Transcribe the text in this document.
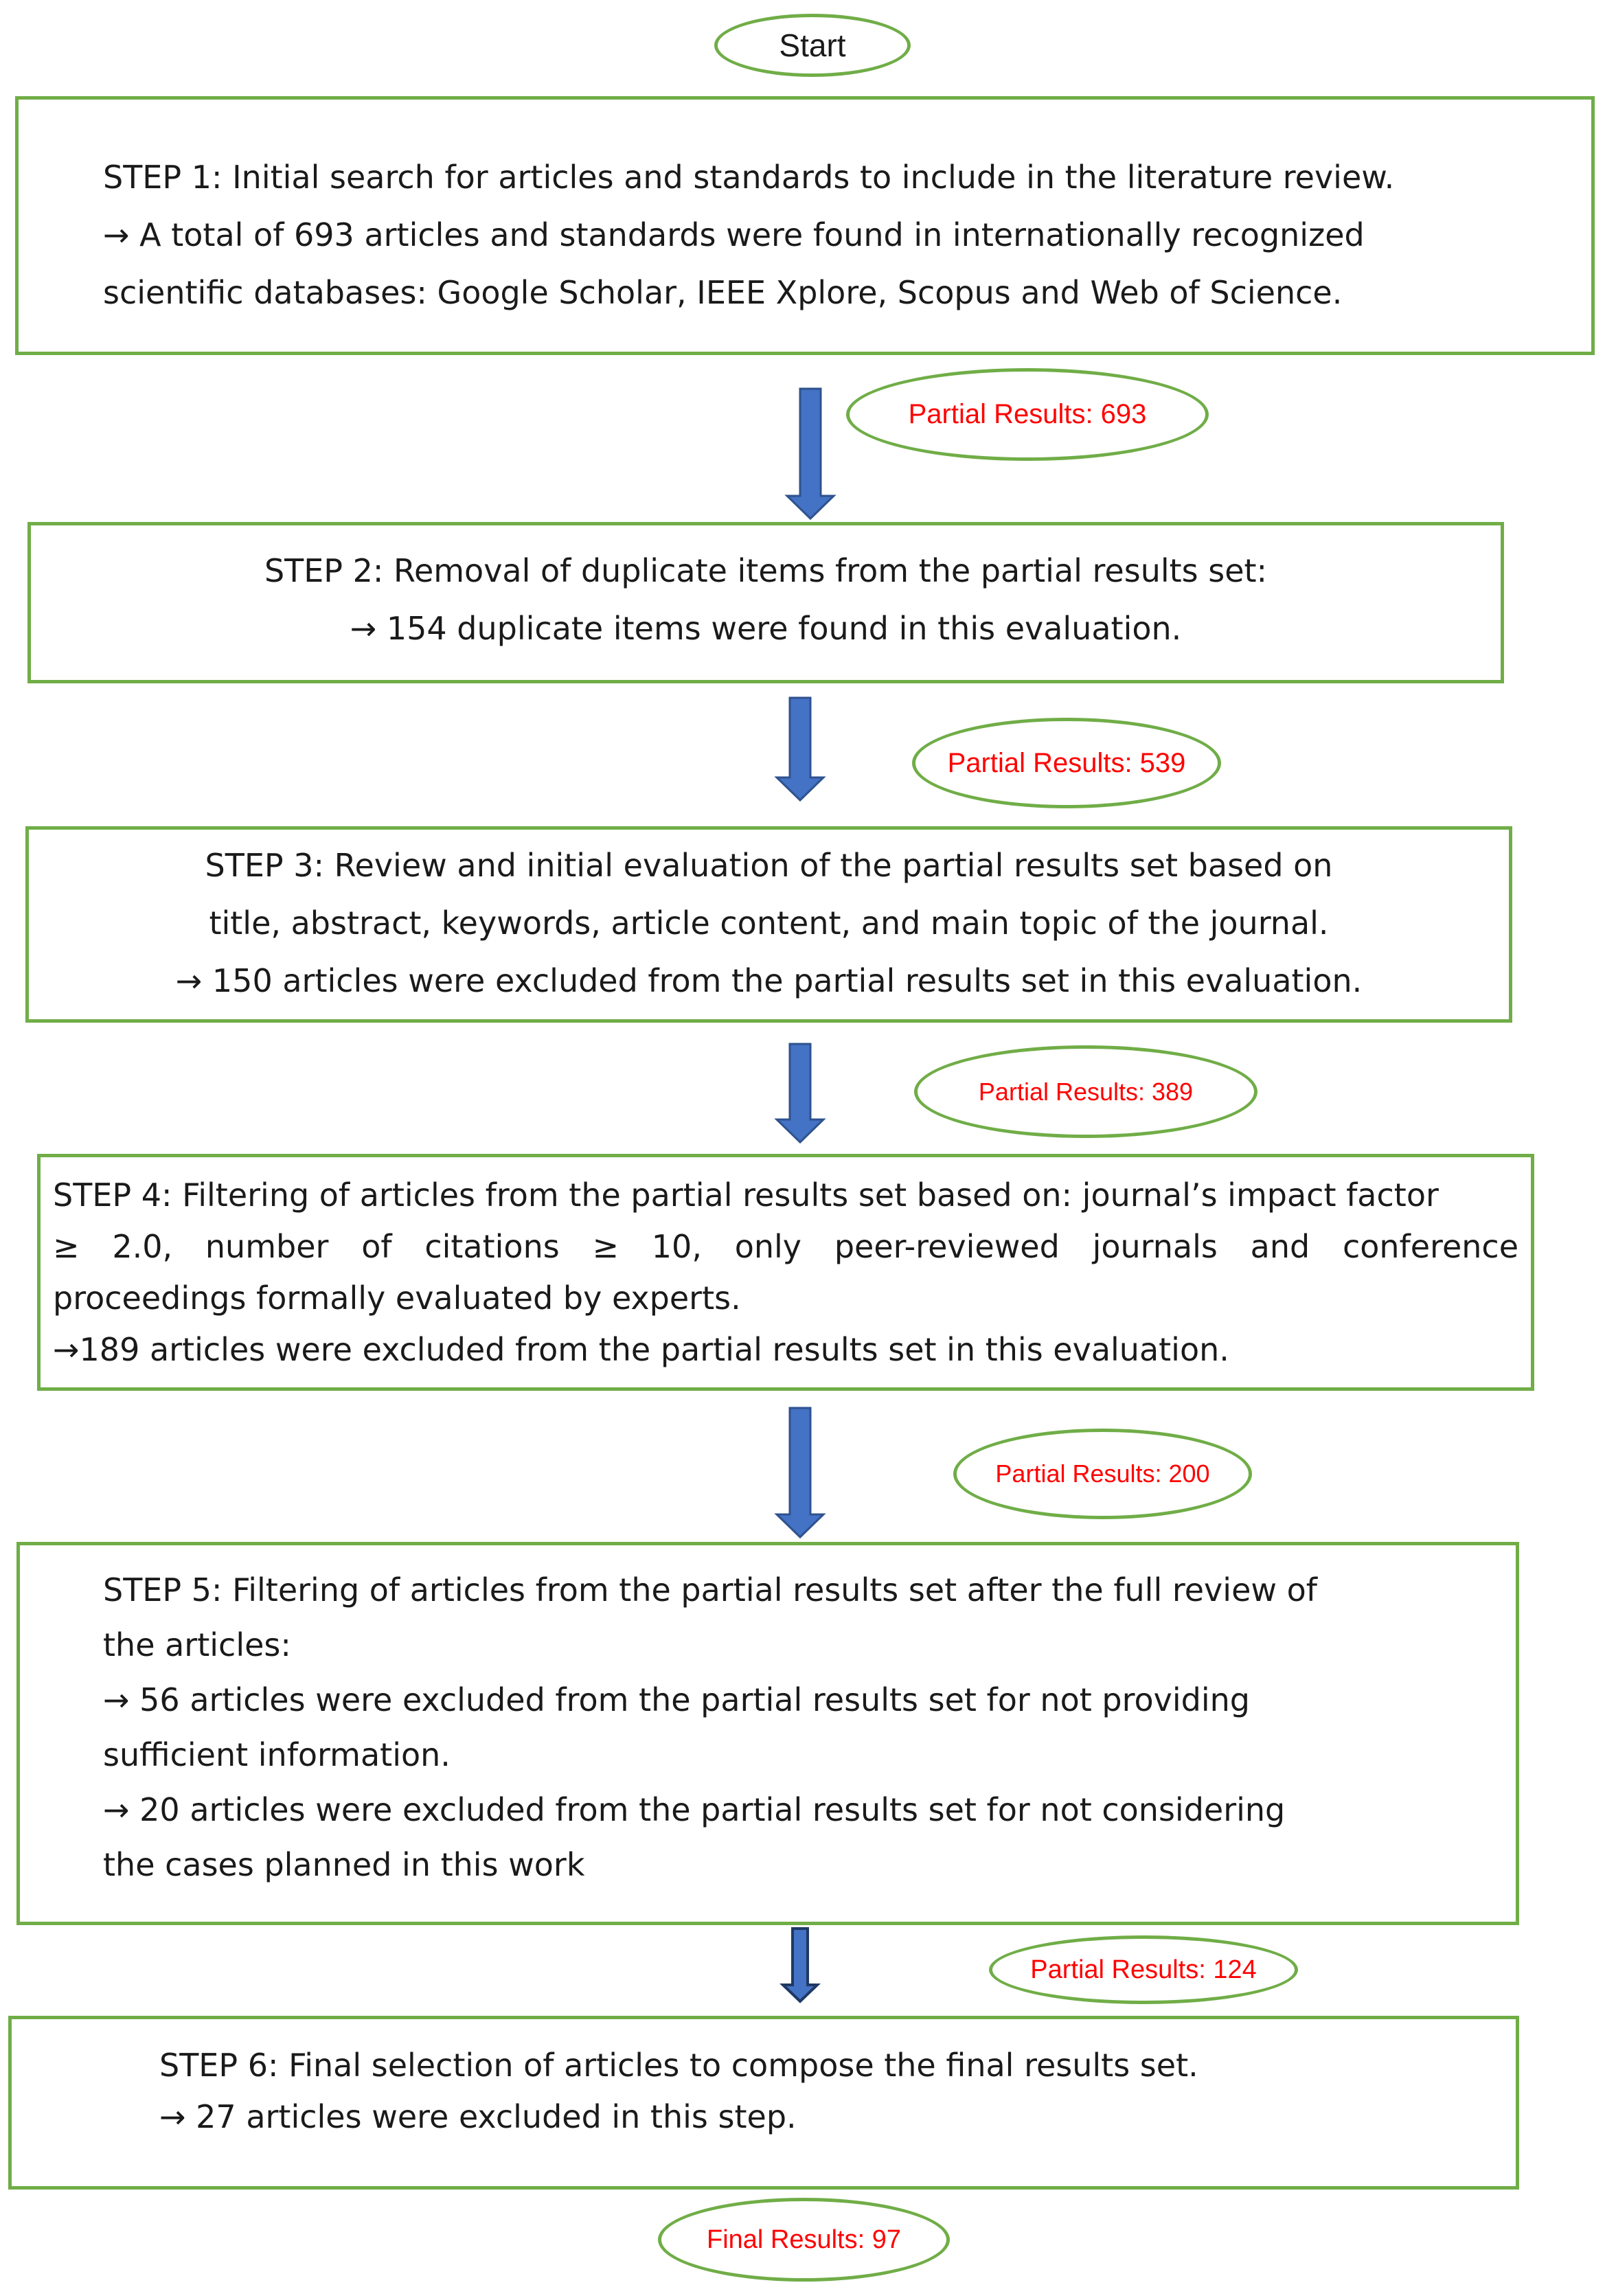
Start
STEP 1: Initial search for articles and standards to include in the literature review.
→ A total of 693 articles and standards were found in internationally recognized
scientific databases: Google Scholar, IEEE Xplore, Scopus and Web of Science.
STEP 2: Removal of duplicate items from the partial results set:
→ 154 duplicate items were found in this evaluation.
STEP 3: Review and initial evaluation of the partial results set based on
title, abstract, keywords, article content, and main topic of the journal.
→ 150 articles were excluded from the partial results set in this evaluation.
STEP 4: Filtering of articles from the partial results set based on: journal’s impact factor
≥ 2.0, number of citations ≥ 10, only peer-reviewed journals and conference
proceedings formally evaluated by experts.
→189 articles were excluded from the partial results set in this evaluation.
STEP 5: Filtering of articles from the partial results set after the full review of
the articles:
→ 56 articles were excluded from the partial results set for not providing
sufficient information.
→ 20 articles were excluded from the partial results set for not considering
the cases planned in this work
STEP 6: Final selection of articles to compose the final results set.
→ 27 articles were excluded in this step.
Partial Results: 693
Partial Results: 539
Partial Results: 389
Partial Results: 200
Partial Results: 124
Final Results: 97
